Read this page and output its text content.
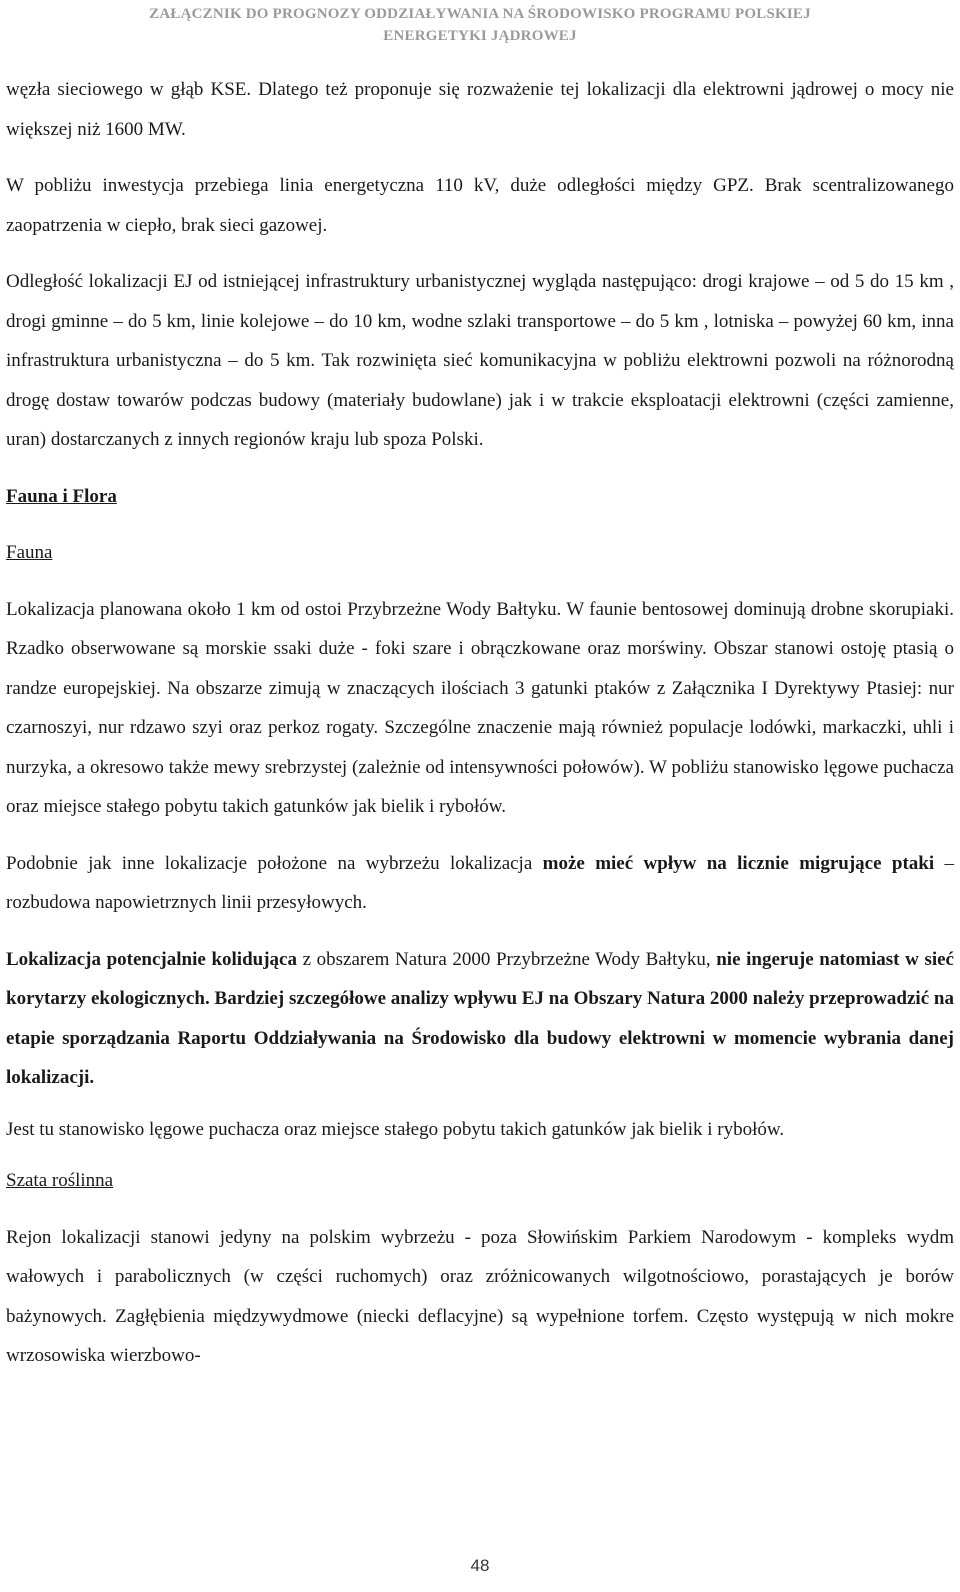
ZAŁĄCZNIK DO PROGNOZY ODDZIAŁYWANIA NA ŚRODOWISKO PROGRAMU POLSKIEJ
ENERGETYKI JĄDROWEJ

węzła sieciowego w głąb KSE. Dlatego też proponuje się rozważenie tej lokalizacji dla elektrowni jądrowej o mocy nie większej niż 1600 MW.

W pobliżu inwestycja przebiega linia energetyczna 110 kV, duże odległości między GPZ. Brak scentralizowanego zaopatrzenia w ciepło, brak sieci gazowej.

Odległość lokalizacji EJ od istniejącej infrastruktury urbanistycznej wygląda następująco: drogi krajowe – od 5 do 15 km , drogi gminne – do 5 km, linie kolejowe – do 10 km, wodne szlaki transportowe – do 5 km , lotniska – powyżej 60 km, inna infrastruktura urbanistyczna – do 5 km. Tak rozwinięta sieć komunikacyjna w pobliżu elektrowni pozwoli na różnorodną drogę dostaw towarów podczas budowy (materiały budowlane) jak i w trakcie eksploatacji elektrowni (części zamienne, uran) dostarczanych z innych regionów kraju lub spoza Polski.

Fauna i Flora

Fauna

Lokalizacja planowana około 1 km od ostoi Przybrzeżne Wody Bałtyku. W faunie bentosowej dominują drobne skorupiaki. Rzadko obserwowane są morskie ssaki duże - foki szare i obrączkowane oraz morświny. Obszar stanowi ostoję ptasią o randze europejskiej. Na obszarze zimują w znaczących ilościach 3 gatunki ptaków z Załącznika I Dyrektywy Ptasiej: nur czarnoszyi, nur rdzawo szyi oraz perkoz rogaty. Szczególne znaczenie mają również populacje lodówki, markaczki, uhli i nurzyka, a okresowo także mewy srebrzystej (zależnie od intensywności połowów). W pobliżu stanowisko lęgowe puchacza oraz miejsce stałego pobytu takich gatunków jak bielik i rybołów.

Podobnie jak inne lokalizacje położone na wybrzeżu lokalizacja może mieć wpływ na licznie migrujące ptaki – rozbudowa napowietrznych linii przesyłowych.

Lokalizacja potencjalnie kolidująca z obszarem Natura 2000 Przybrzeżne Wody Bałtyku, nie ingeruje natomiast w sieć korytarzy ekologicznych. Bardziej szczegółowe analizy wpływu EJ na Obszary Natura 2000 należy przeprowadzić na etapie sporządzania Raportu Oddziaływania na Środowisko dla budowy elektrowni w momencie wybrania danej lokalizacji.

Jest tu stanowisko lęgowe puchacza oraz miejsce stałego pobytu takich gatunków jak bielik i rybołów.

Szata roślinna

Rejon lokalizacji stanowi jedyny na polskim wybrzeżu - poza Słowińskim Parkiem Narodowym - kompleks wydm wałowych i parabolicznych (w części ruchomych) oraz zróżnicowanych wilgotnościowo, porastających je borów bażynowych. Zagłębienia międzywydmowe (niecki deflacyjne) są wypełnione torfem. Często występują w nich mokre wrzosowiska wierzbowo-

48
